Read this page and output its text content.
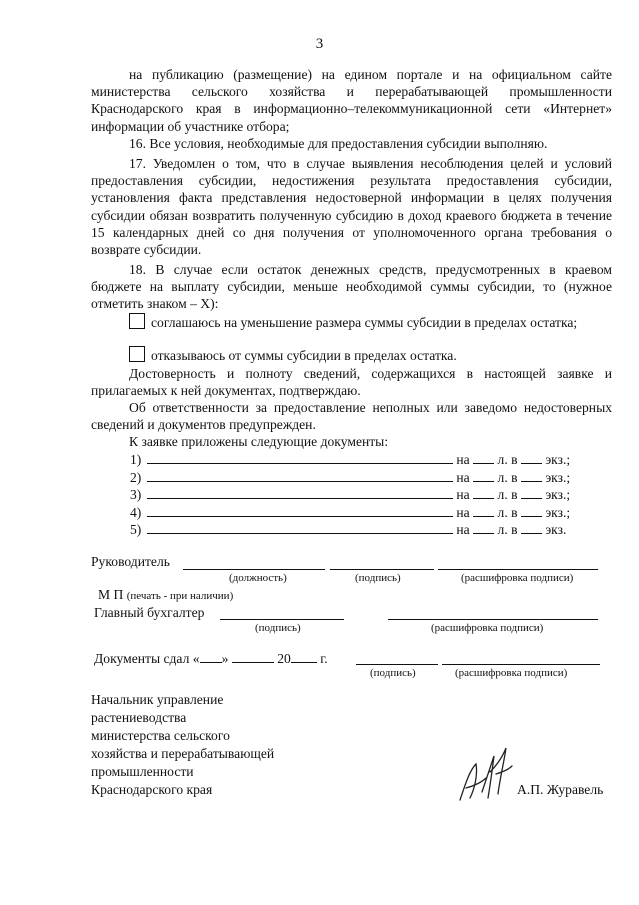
3

на публикацию (размещение) на едином портале и на официальном сайте министерства сельского хозяйства и перерабатывающей промышленности Краснодарского края в информационно–телекоммуникационной сети «Интернет» информации об участнике отбора;

16. Все условия, необходимые для предоставления субсидии выполняю.

17. Уведомлен о том, что в случае выявления несоблюдения целей и условий предоставления субсидии, недостижения результата предоставления субсидии, установления факта представления недостоверной информации в целях получения субсидии обязан возвратить полученную субсидию в доход краевого бюджета в течение 15 календарных дней со дня получения от уполномоченного органа требования о возврате субсидии.

18. В случае если остаток денежных средств, предусмотренных в краевом бюджете на выплату субсидии, меньше необходимой суммы субсидии, то (нужное отметить знаком – X):

соглашаюсь на уменьшение размера суммы субсидии в пределах остатка;

отказываюсь от суммы субсидии в пределах остатка.

Достоверность и полноту сведений, содержащихся в настоящей заявке и прилагаемых к ней документах, подтверждаю.

Об ответственности за предоставление неполных или заведомо недостоверных сведений и документов предупрежден.

К заявке приложены следующие документы:

1)	на л. в экз.;
2)	на л. в экз.;
3)	на л. в экз.;
4)	на л. в экз.;
5)	на л. в экз.
Руководитель
(должность)	(подпись)	(расшифровка подписи)
М П (печать - при наличии)
Главный бухгалтер
(подпись)	(расшифровка подписи)
Документы сдал « »	20 г.
(подпись)	(расшифровка подписи)
Начальник управление
растениеводства
министерства сельского
хозяйства и перерабатывающей
промышленности
Краснодарского края	А.П. Журавель
